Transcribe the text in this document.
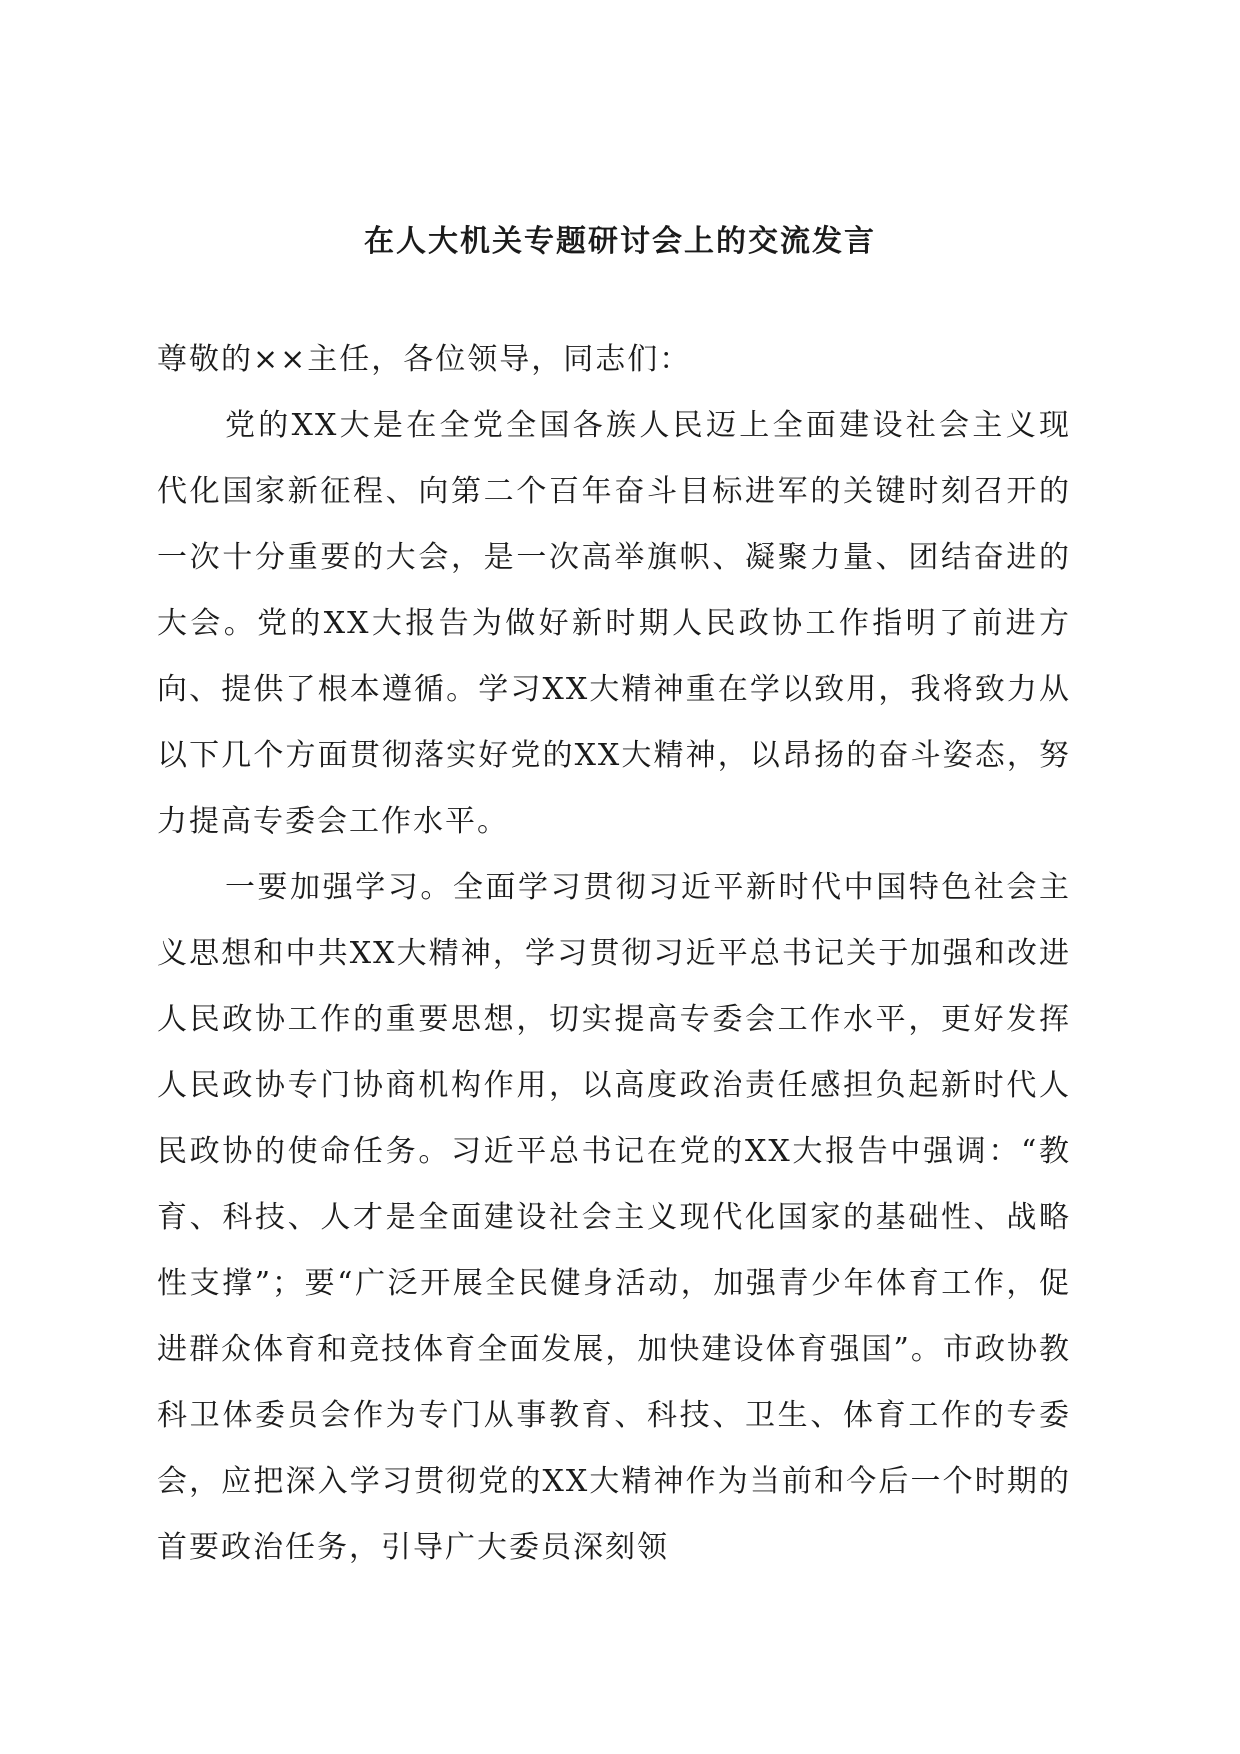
在人大机关专题研讨会上的交流发言

尊敬的××主任，各位领导，同志们：

党的XX大是在全党全国各族人民迈上全面建设社会主义现代化国家新征程、向第二个百年奋斗目标进军的关键时刻召开的一次十分重要的大会，是一次高举旗帜、凝聚力量、团结奋进的大会。党的XX大报告为做好新时期人民政协工作指明了前进方向、提供了根本遵循。学习XX大精神重在学以致用，我将致力从以下几个方面贯彻落实好党的XX大精神，以昂扬的奋斗姿态，努力提高专委会工作水平。

一要加强学习。全面学习贯彻习近平新时代中国特色社会主义思想和中共XX大精神，学习贯彻习近平总书记关于加强和改进人民政协工作的重要思想，切实提高专委会工作水平，更好发挥人民政协专门协商机构作用，以高度政治责任感担负起新时代人民政协的使命任务。习近平总书记在党的XX大报告中强调：“教育、科技、人才是全面建设社会主义现代化国家的基础性、战略性支撑”；要“广泛开展全民健身活动，加强青少年体育工作，促进群众体育和竞技体育全面发展，加快建设体育强国”。市政协教科卫体委员会作为专门从事教育、科技、卫生、体育工作的专委会，应把深入学习贯彻党的XX大精神作为当前和今后一个时期的首要政治任务，引导广大委员深刻领
